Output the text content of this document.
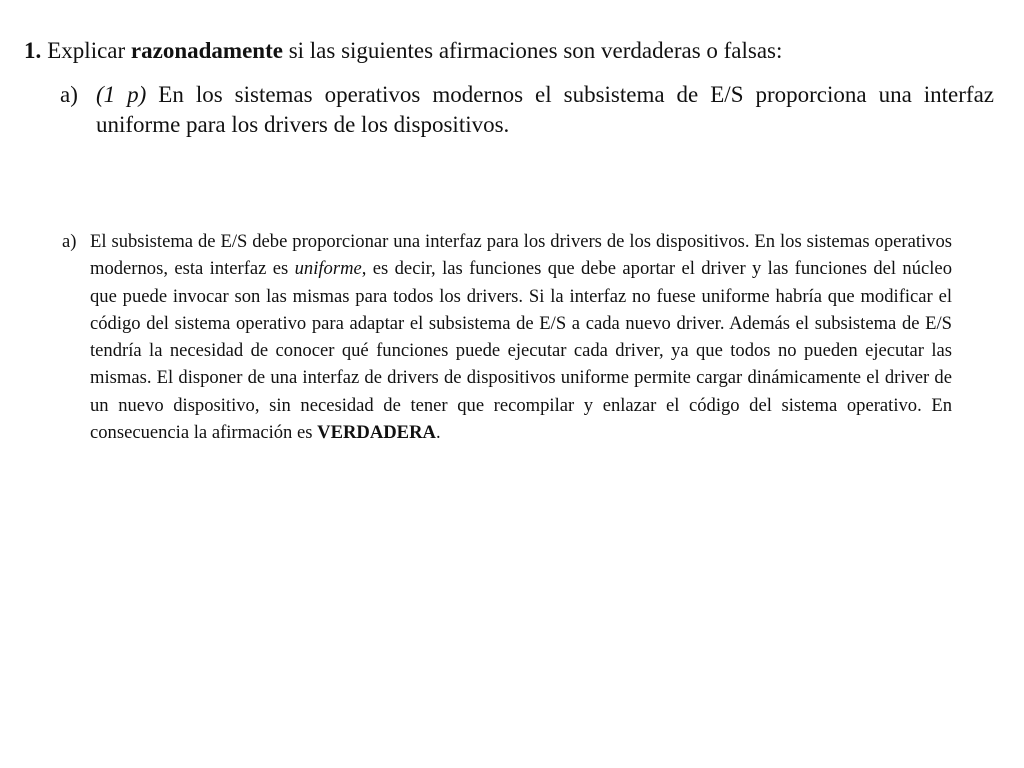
1. Explicar razonadamente si las siguientes afirmaciones son verdaderas o falsas:
a) (1 p) En los sistemas operativos modernos el subsistema de E/S proporciona una interfaz uniforme para los drivers de los dispositivos.
a) El subsistema de E/S debe proporcionar una interfaz para los drivers de los dispositivos. En los sistemas operativos modernos, esta interfaz es uniforme, es decir, las funciones que debe aportar el driver y las funciones del núcleo que puede invocar son las mismas para todos los drivers. Si la interfaz no fuese uniforme habría que modificar el código del sistema operativo para adaptar el subsistema de E/S a cada nuevo driver. Además el subsistema de E/S tendría la necesidad de conocer qué funciones puede ejecutar cada driver, ya que todos no pueden ejecutar las mismas. El disponer de una interfaz de drivers de dispositivos uniforme permite cargar dinámicamente el driver de un nuevo dispositivo, sin necesidad de tener que recompilar y enlazar el código del sistema operativo. En consecuencia la afirmación es VERDADERA.
